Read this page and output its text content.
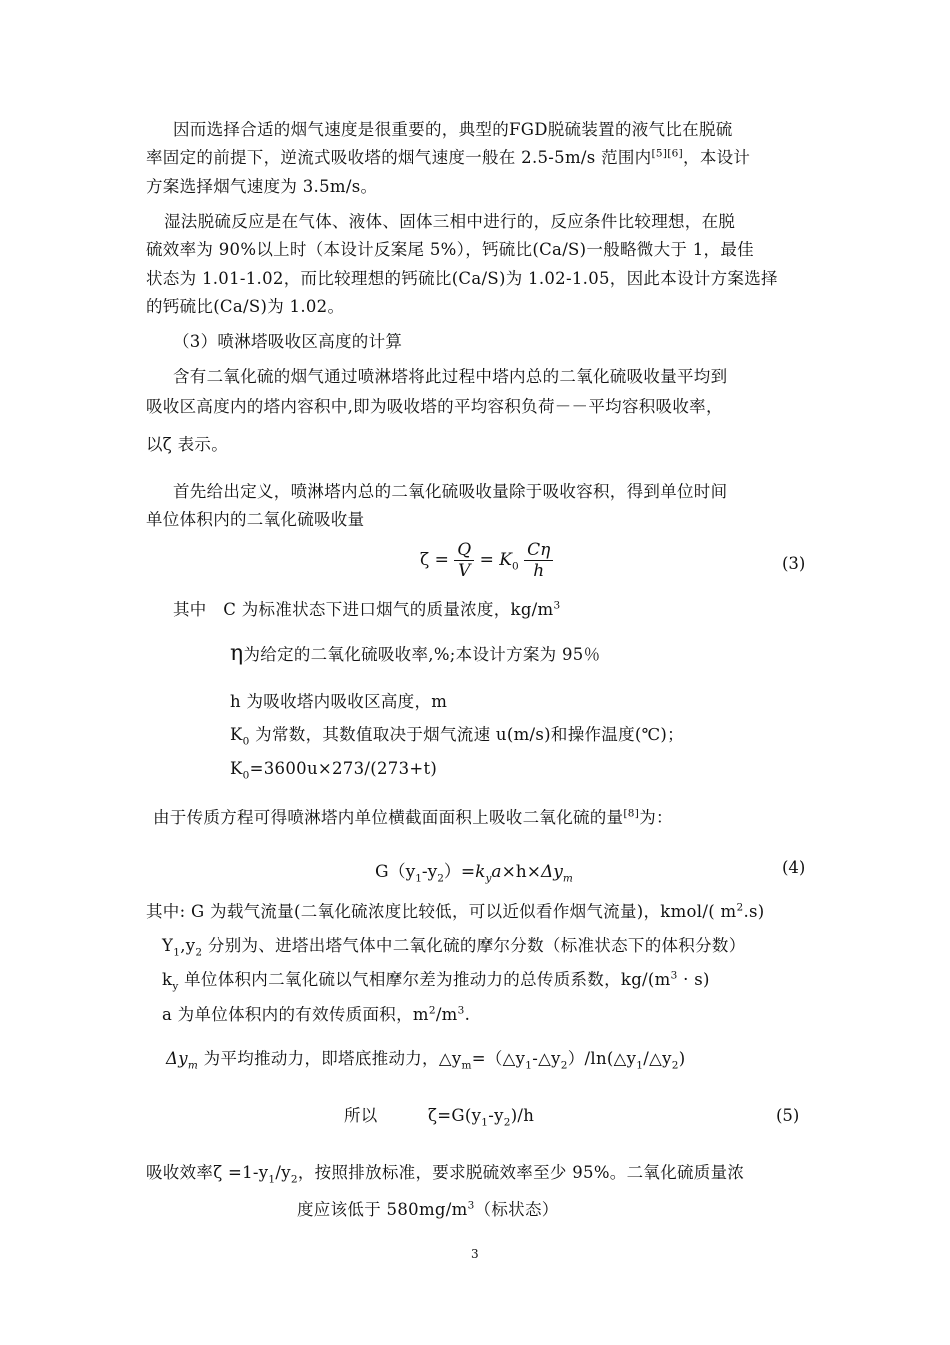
因而选择合适的烟气速度是很重要的，典型的FGD脱硫装置的液气比在脱硫
率固定的前提下，逆流式吸收塔的烟气速度一般在 2.5-5m/s 范围内[5][6]，本设计
方案选择烟气速度为 3.5m/s。
湿法脱硫反应是在气体、液体、固体三相中进行的，反应条件比较理想，在脱
硫效率为 90%以上时（本设计反案尾 5%），钙硫比(Ca/S)一般略微大于 1，最佳
状态为 1.01-1.02，而比较理想的钙硫比(Ca/S)为 1.02-1.05，因此本设计方案选择
的钙硫比(Ca/S)为 1.02。
（3）喷淋塔吸收区高度的计算
含有二氧化硫的烟气通过喷淋塔将此过程中塔内总的二氧化硫吸收量平均到
吸收区高度内的塔内容积中,即为吸收塔的平均容积负荷－－平均容积吸收率，
以ζ 表示。
首先给出定义，喷淋塔内总的二氧化硫吸收量除于吸收容积，得到单位时间
单位体积内的二氧化硫吸收量
$\zeta = \frac{Q}{V} = K_0 \frac{C\eta}{h}$	(3)
其中 C 为标准状态下进口烟气的质量浓度，$kg/m^3$
η为给定的二氧化硫吸收率,%;本设计方案为 95％
h 为吸收塔内吸收区高度，m
$K_0$ 为常数，其数值取决于烟气流速 u(m/s)和操作温度(℃)；
$K_0=3600u\times 273/(273+t)$
由于传质方程可得喷淋塔内单位横截面面积上吸收二氧化硫的量[8]为：
$G(y_1-y_2)=k_ya\times h\times\Delta y_m$
(4)
其中: G 为载气流量(二氧化硫浓度比较低，可以近似看作烟气流量)，kmol/( $m^2.s$)
$Y_1,y_2$ 分别为、进塔出塔气体中二氧化硫的摩尔分数（标准状态下的体积分数）
$k_y$ 单位体积内二氧化硫以气相摩尔差为推动力的总传质系数，$kg/(m^3 \cdot s)$
a 为单位体积内的有效传质面积，$m^2/m^3$.
$\Delta y_m$ 为平均推动力，即塔底推动力，$\triangle y_m=(\triangle y_1-\triangle y_2)/\ln(\triangle y_1/\triangle y_2)$
所以	$\zeta=G(y_1-y_2)/h$	(5)
吸收效率$\zeta =1-y_1/y_2$，按照排放标准，要求脱硫效率至少 95%。二氧化硫质量浓
度应该低于 $580mg/m^3$（标状态）
3
